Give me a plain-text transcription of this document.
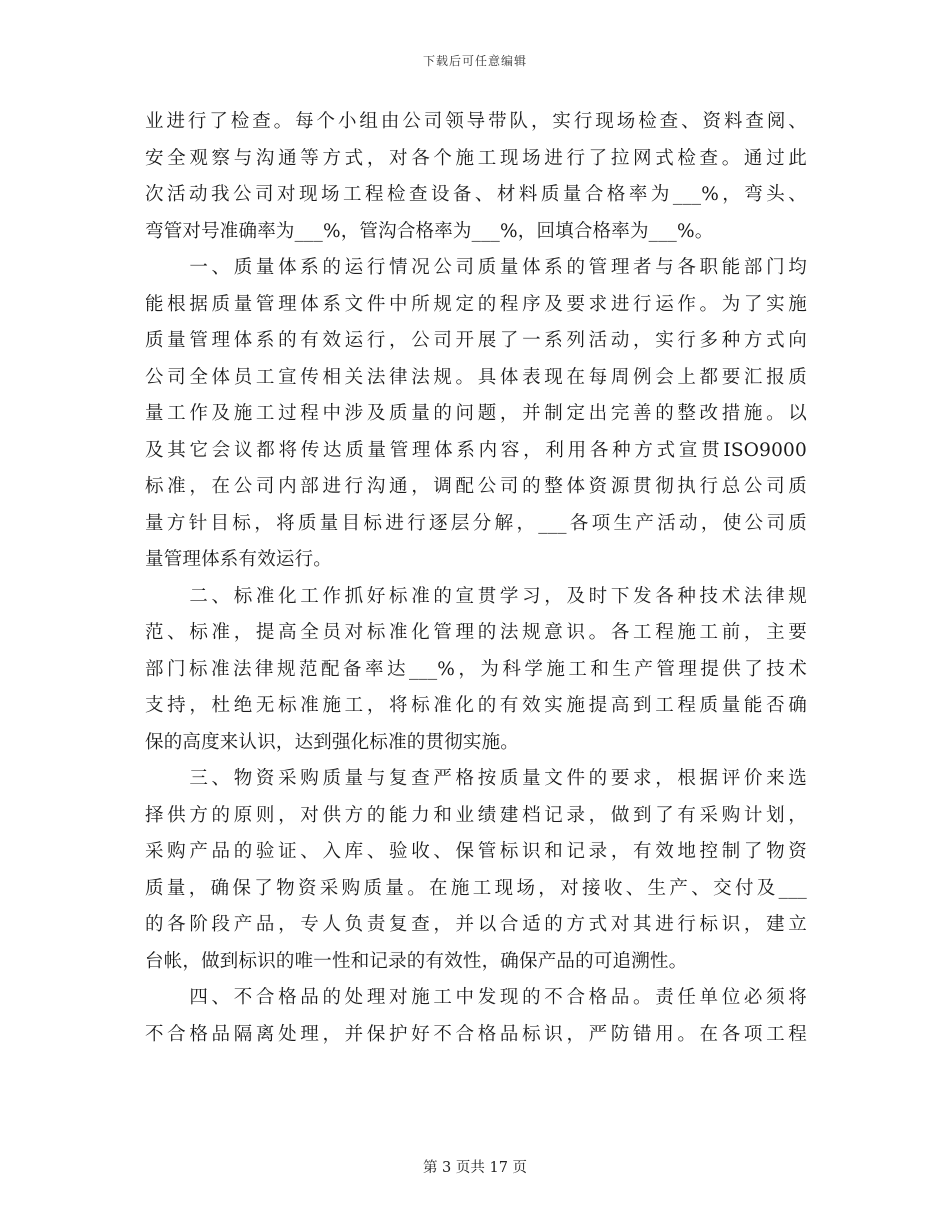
下载后可任意编辑
业进行了检查。每个小组由公司领导带队，实行现场检查、资料查阅、
安全观察与沟通等方式，对各个施工现场进行了拉网式检查。通过此
次活动我公司对现场工程检查设备、材料质量合格率为___%，弯头、
弯管对号准确率为___%，管沟合格率为___%，回填合格率为___%。
　　一、质量体系的运行情况公司质量体系的管理者与各职能部门均
能根据质量管理体系文件中所规定的程序及要求进行运作。为了实施
质量管理体系的有效运行，公司开展了一系列活动，实行多种方式向
公司全体员工宣传相关法律法规。具体表现在每周例会上都要汇报质
量工作及施工过程中涉及质量的问题，并制定出完善的整改措施。以
及其它会议都将传达质量管理体系内容，利用各种方式宣贯ISO9000
标准，在公司内部进行沟通，调配公司的整体资源贯彻执行总公司质
量方针目标，将质量目标进行逐层分解，___各项生产活动，使公司质
量管理体系有效运行。
　　二、标准化工作抓好标准的宣贯学习，及时下发各种技术法律规
范、标准，提高全员对标准化管理的法规意识。各工程施工前，主要
部门标准法律规范配备率达___%，为科学施工和生产管理提供了技术
支持，杜绝无标准施工，将标准化的有效实施提高到工程质量能否确
保的高度来认识，达到强化标准的贯彻实施。
　　三、物资采购质量与复查严格按质量文件的要求，根据评价来选
择供方的原则，对供方的能力和业绩建档记录，做到了有采购计划，
采购产品的验证、入库、验收、保管标识和记录，有效地控制了物资
质量，确保了物资采购质量。在施工现场，对接收、生产、交付及___
的各阶段产品，专人负责复查，并以合适的方式对其进行标识，建立
台帐，做到标识的唯一性和记录的有效性，确保产品的可追溯性。
　　四、不合格品的处理对施工中发现的不合格品。责任单位必须将
不合格品隔离处理，并保护好不合格品标识，严防错用。在各项工程
第 3 页共 17 页
